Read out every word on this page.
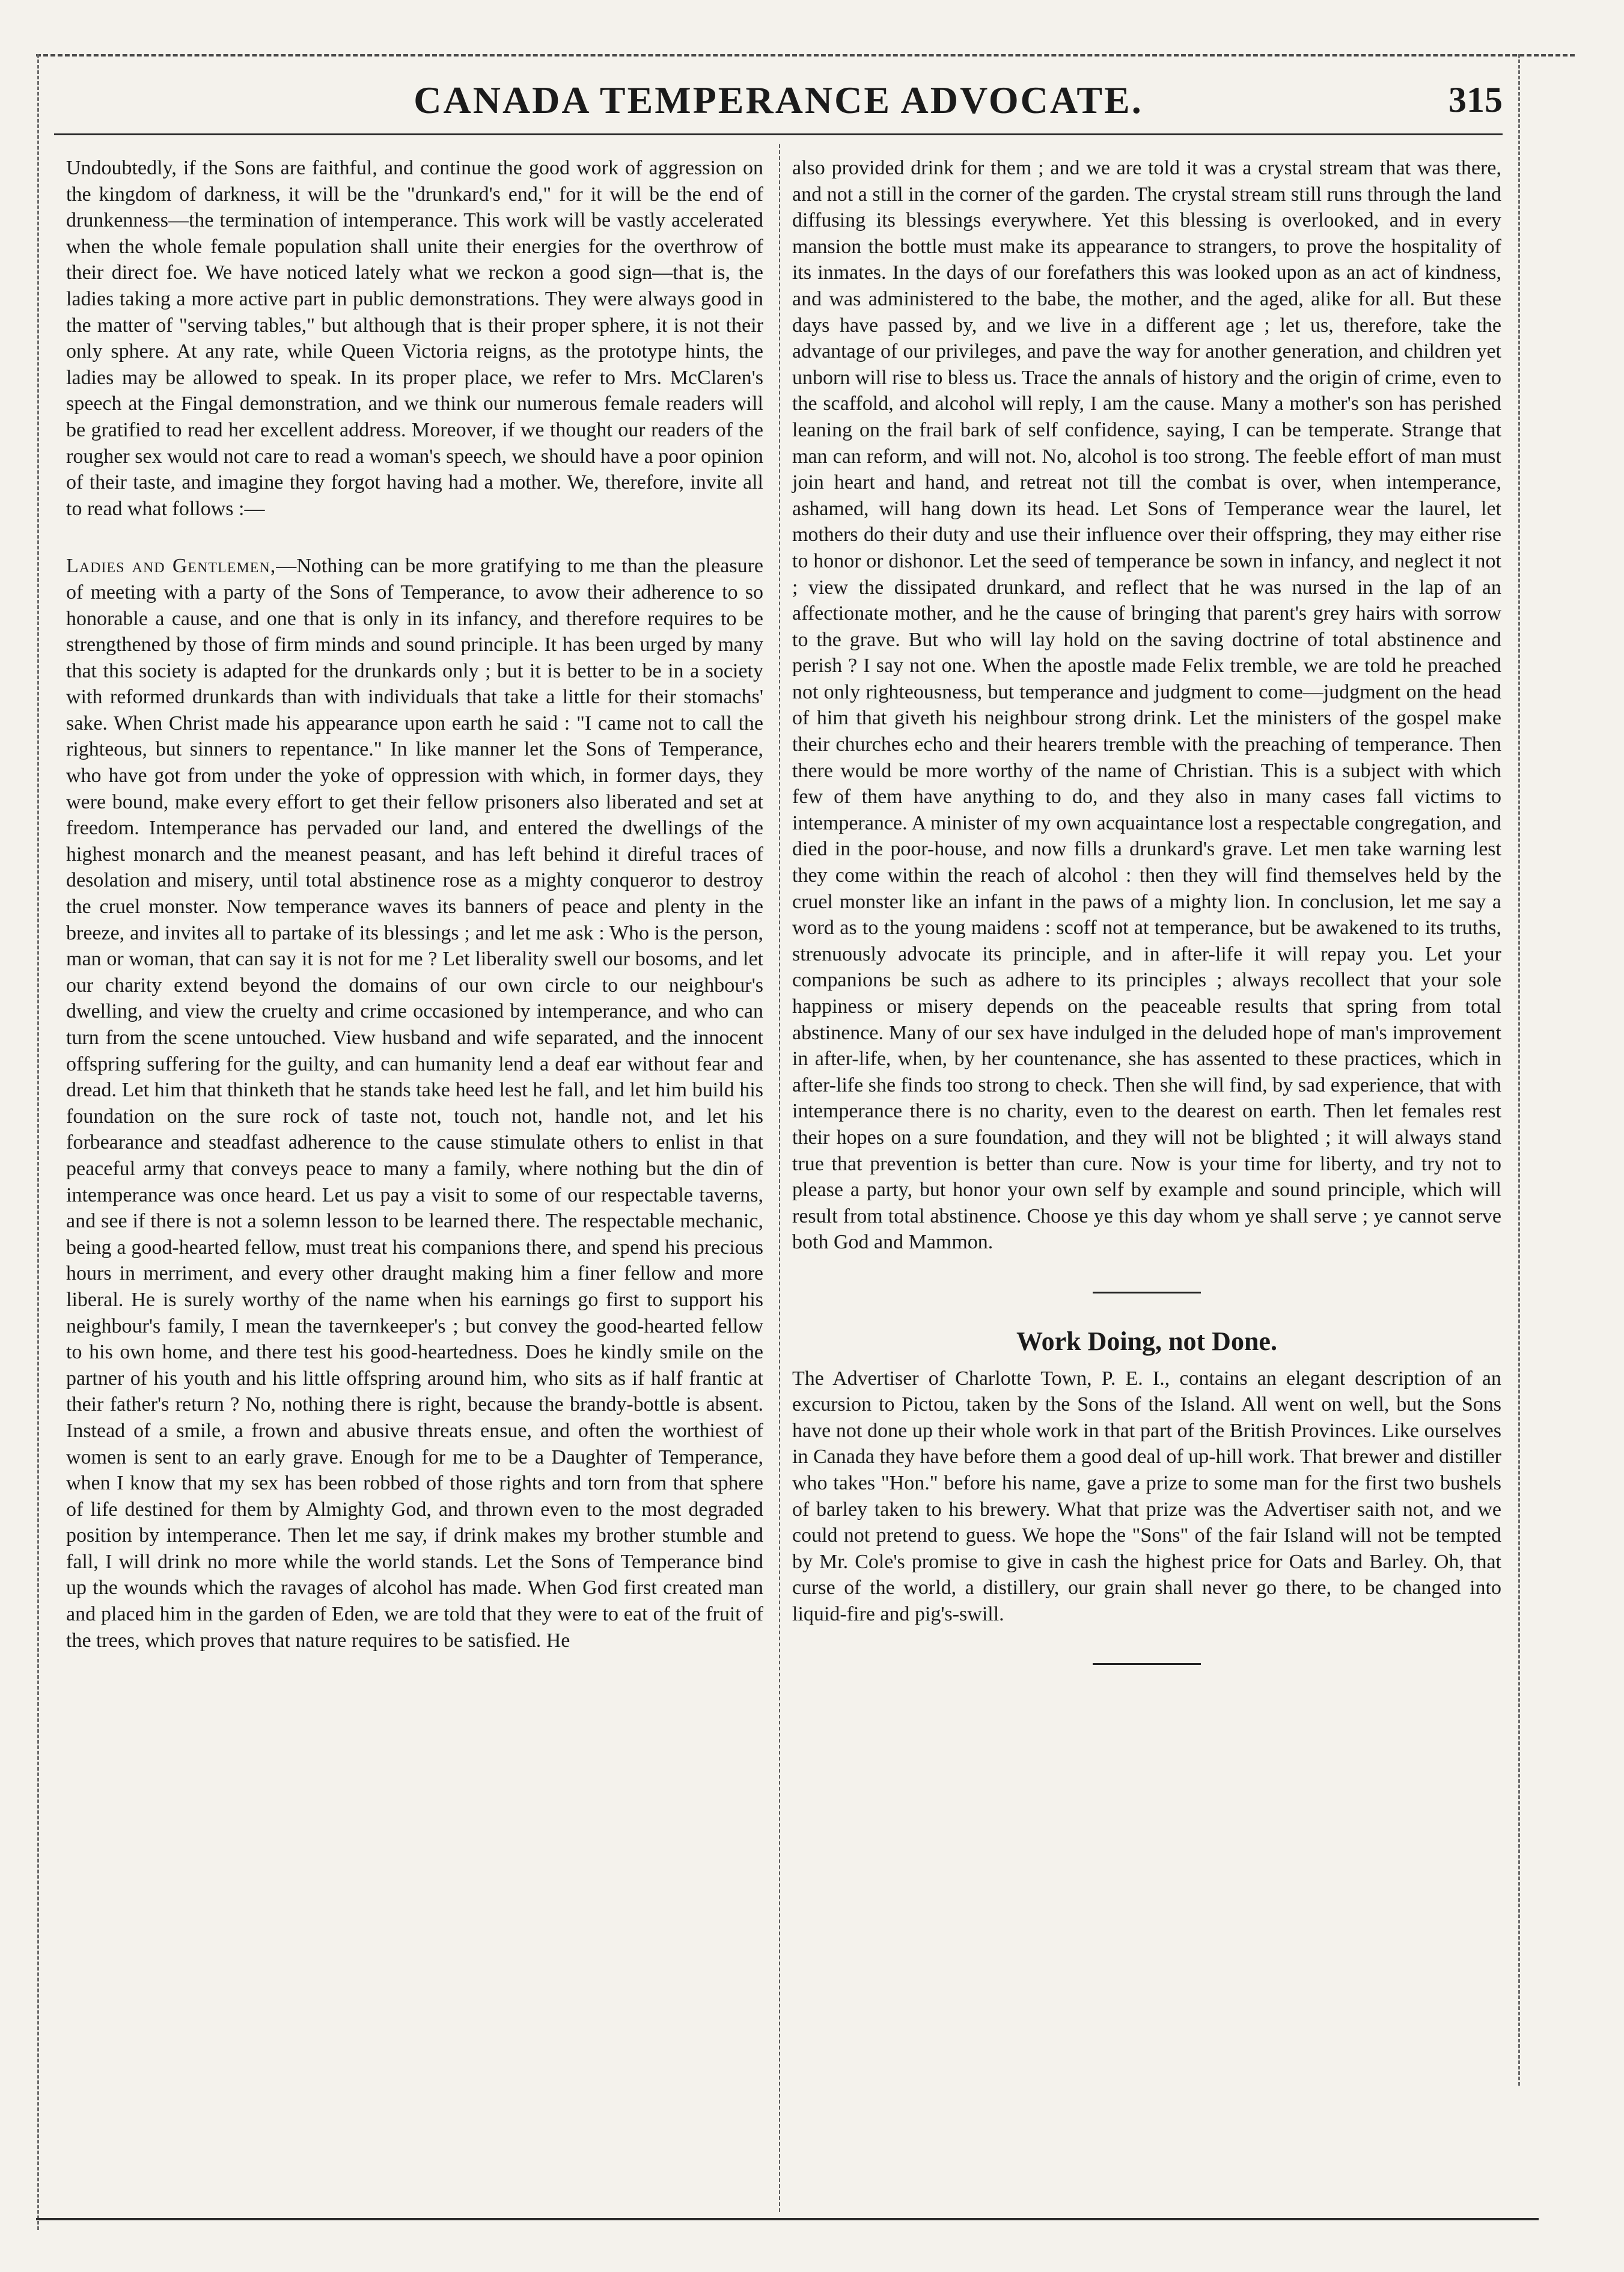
CANADA TEMPERANCE ADVOCATE.	315

Undoubtedly, if the Sons are faithful, and continue the good work of aggression on the kingdom of darkness, it will be the "drunkard's end," for it will be the end of drunkenness—the termination of intemperance. This work will be vastly accelerated when the whole female population shall unite their energies for the overthrow of their direct foe. We have noticed lately what we reckon a good sign—that is, the ladies taking a more active part in public demonstrations. They were always good in the matter of "serving tables," but although that is their proper sphere, it is not their only sphere. At any rate, while Queen Victoria reigns, as the prototype hints, the ladies may be allowed to speak. In its proper place, we refer to Mrs. McClaren's speech at the Fingal demonstration, and we think our numerous female readers will be gratified to read her excellent address. Moreover, if we thought our readers of the rougher sex would not care to read a woman's speech, we should have a poor opinion of their taste, and imagine they forgot having had a mother. We, therefore, invite all to read what follows :—

Ladies and Gentlemen,—Nothing can be more gratifying to me than the pleasure of meeting with a party of the Sons of Temperance, to avow their adherence to so honorable a cause, and one that is only in its infancy, and therefore requires to be strengthened by those of firm minds and sound principle. It has been urged by many that this society is adapted for the drunkards only ; but it is better to be in a society with reformed drunkards than with individuals that take a little for their stomachs' sake. When Christ made his appearance upon earth he said : "I came not to call the righteous, but sinners to repentance." In like manner let the Sons of Temperance, who have got from under the yoke of oppression with which, in former days, they were bound, make every effort to get their fellow prisoners also liberated and set at freedom. Intemperance has pervaded our land, and entered the dwellings of the highest monarch and the meanest peasant, and has left behind it direful traces of desolation and misery, until total abstinence rose as a mighty conqueror to destroy the cruel monster. Now temperance waves its banners of peace and plenty in the breeze, and invites all to partake of its blessings ; and let me ask : Who is the person, man or woman, that can say it is not for me ? Let liberality swell our bosoms, and let our charity extend beyond the domains of our own circle to our neighbour's dwelling, and view the cruelty and crime occasioned by intemperance, and who can turn from the scene untouched. View husband and wife separated, and the innocent offspring suffering for the guilty, and can humanity lend a deaf ear without fear and dread. Let him that thinketh that he stands take heed lest he fall, and let him build his foundation on the sure rock of taste not, touch not, handle not, and let his forbearance and steadfast adherence to the cause stimulate others to enlist in that peaceful army that conveys peace to many a family, where nothing but the din of intemperance was once heard. Let us pay a visit to some of our respectable taverns, and see if there is not a solemn lesson to be learned there. The respectable mechanic, being a good-hearted fellow, must treat his companions there, and spend his precious hours in merriment, and every other draught making him a finer fellow and more liberal. He is surely worthy of the name when his earnings go first to support his neighbour's family, I mean the tavernkeeper's ; but convey the good-hearted fellow to his own home, and there test his good-heartedness. Does he kindly smile on the partner of his youth and his little offspring around him, who sits as if half frantic at their father's return ? No, nothing there is right, because the brandy-bottle is absent. Instead of a smile, a frown and abusive threats ensue, and often the worthiest of women is sent to an early grave. Enough for me to be a Daughter of Temperance, when I know that my sex has been robbed of those rights and torn from that sphere of life destined for them by Almighty God, and thrown even to the most degraded position by intemperance. Then let me say, if drink makes my brother stumble and fall, I will drink no more while the world stands. Let the Sons of Temperance bind up the wounds which the ravages of alcohol has made. When God first created man and placed him in the garden of Eden, we are told that they were to eat of the fruit of the trees, which proves that nature requires to be satisfied. He

also provided drink for them ; and we are told it was a crystal stream that was there, and not a still in the corner of the garden. The crystal stream still runs through the land diffusing its blessings everywhere. Yet this blessing is overlooked, and in every mansion the bottle must make its appearance to strangers, to prove the hospitality of its inmates. In the days of our forefathers this was looked upon as an act of kindness, and was administered to the babe, the mother, and the aged, alike for all. But these days have passed by, and we live in a different age ; let us, therefore, take the advantage of our privileges, and pave the way for another generation, and children yet unborn will rise to bless us. Trace the annals of history and the origin of crime, even to the scaffold, and alcohol will reply, I am the cause. Many a mother's son has perished leaning on the frail bark of self confidence, saying, I can be temperate. Strange that man can reform, and will not. No, alcohol is too strong. The feeble effort of man must join heart and hand, and retreat not till the combat is over, when intemperance, ashamed, will hang down its head. Let Sons of Temperance wear the laurel, let mothers do their duty and use their influence over their offspring, they may either rise to honor or dishonor. Let the seed of temperance be sown in infancy, and neglect it not ; view the dissipated drunkard, and reflect that he was nursed in the lap of an affectionate mother, and he the cause of bringing that parent's grey hairs with sorrow to the grave. But who will lay hold on the saving doctrine of total abstinence and perish ? I say not one. When the apostle made Felix tremble, we are told he preached not only righteousness, but temperance and judgment to come—judgment on the head of him that giveth his neighbour strong drink. Let the ministers of the gospel make their churches echo and their hearers tremble with the preaching of temperance. Then there would be more worthy of the name of Christian. This is a subject with which few of them have anything to do, and they also in many cases fall victims to intemperance. A minister of my own acquaintance lost a respectable congregation, and died in the poor-house, and now fills a drunkard's grave. Let men take warning lest they come within the reach of alcohol : then they will find themselves held by the cruel monster like an infant in the paws of a mighty lion. In conclusion, let me say a word as to the young maidens : scoff not at temperance, but be awakened to its truths, strenuously advocate its principle, and in after-life it will repay you. Let your companions be such as adhere to its principles ; always recollect that your sole happiness or misery depends on the peaceable results that spring from total abstinence. Many of our sex have indulged in the deluded hope of man's improvement in after-life, when, by her countenance, she has assented to these practices, which in after-life she finds too strong to check. Then she will find, by sad experience, that with intemperance there is no charity, even to the dearest on earth. Then let females rest their hopes on a sure foundation, and they will not be blighted ; it will always stand true that prevention is better than cure. Now is your time for liberty, and try not to please a party, but honor your own self by example and sound principle, which will result from total abstinence. Choose ye this day whom ye shall serve ; ye cannot serve both God and Mammon.

Work Doing, not Done.

The Advertiser of Charlotte Town, P. E. I., contains an elegant description of an excursion to Pictou, taken by the Sons of the Island. All went on well, but the Sons have not done up their whole work in that part of the British Provinces. Like ourselves in Canada they have before them a good deal of up-hill work. That brewer and distiller who takes "Hon." before his name, gave a prize to some man for the first two bushels of barley taken to his brewery. What that prize was the Advertiser saith not, and we could not pretend to guess. We hope the "Sons" of the fair Island will not be tempted by Mr. Cole's promise to give in cash the highest price for Oats and Barley. Oh, that curse of the world, a distillery, our grain shall never go there, to be changed into liquid-fire and pig's-swill.
